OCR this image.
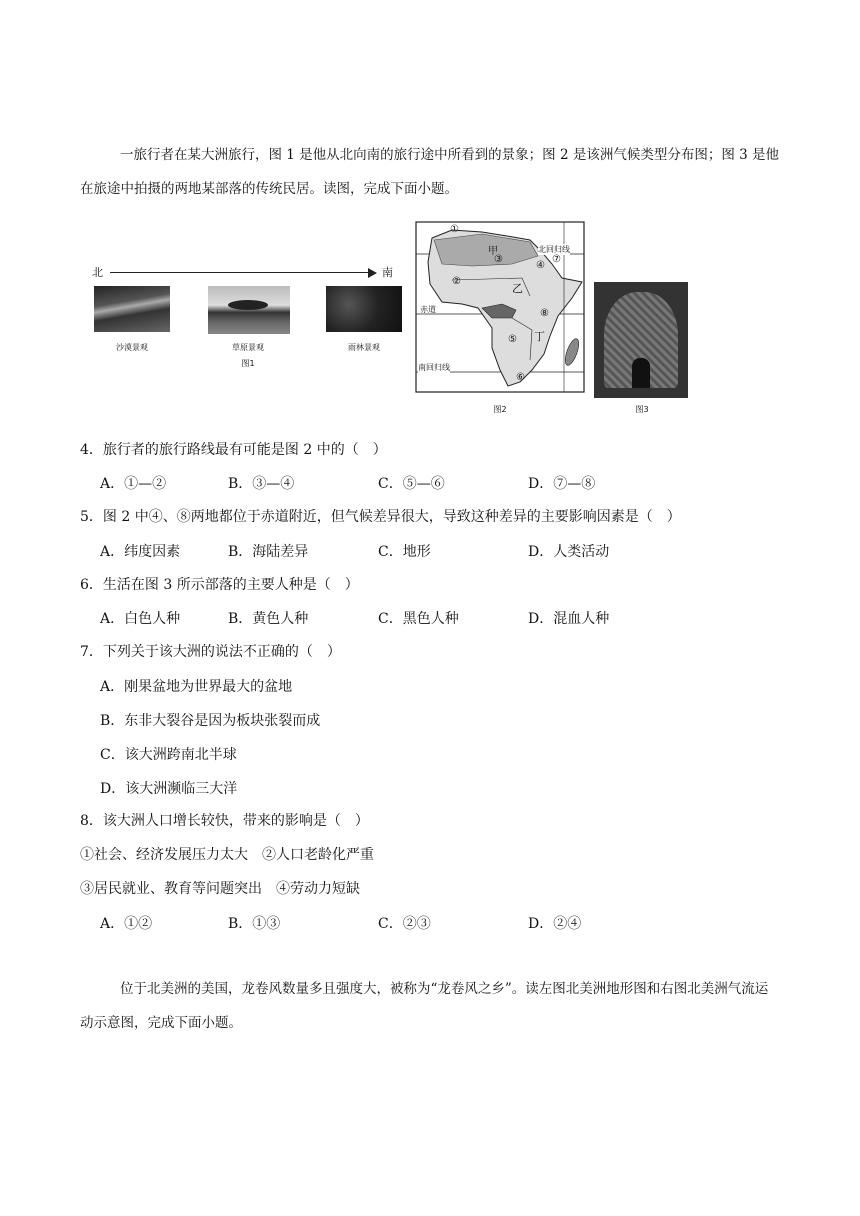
一旅行者在某大洲旅行，图 1 是他从北向南的旅行途中所看到的景象；图 2 是该洲气候类型分布图；图 3 是他在旅途中拍摄的两地某部落的传统民居。读图，完成下面小题。
北	南
沙漠景观	草原景观	雨林景观
图1
北回归线
赤道
南回归线
甲
乙
丁
①
②
③
④
⑤
⑥
⑦
⑧
图2	图3
4．旅行者的旅行路线最有可能是图 2 中的（　）
A．①—②	B．③—④	C．⑤—⑥	D．⑦—⑧
5．图 2 中④、⑧两地都位于赤道附近，但气候差异很大，导致这种差异的主要影响因素是（　）
A．纬度因素	B．海陆差异	C．地形	D．人类活动
6．生活在图 3 所示部落的主要人种是（　）
A．白色人种	B．黄色人种	C．黑色人种	D．混血人种
7．下列关于该大洲的说法不正确的（　）
A．刚果盆地为世界最大的盆地
B．东非大裂谷是因为板块张裂而成
C．该大洲跨南北半球
D．该大洲濒临三大洋
8．该大洲人口增长较快，带来的影响是（　）
①社会、经济发展压力太大　②人口老龄化严重
③居民就业、教育等问题突出　④劳动力短缺
A．①②	B．①③	C．②③	D．②④
位于北美洲的美国，龙卷风数量多且强度大，被称为“龙卷风之乡”。读左图北美洲地形图和右图北美洲气流运动示意图，完成下面小题。
